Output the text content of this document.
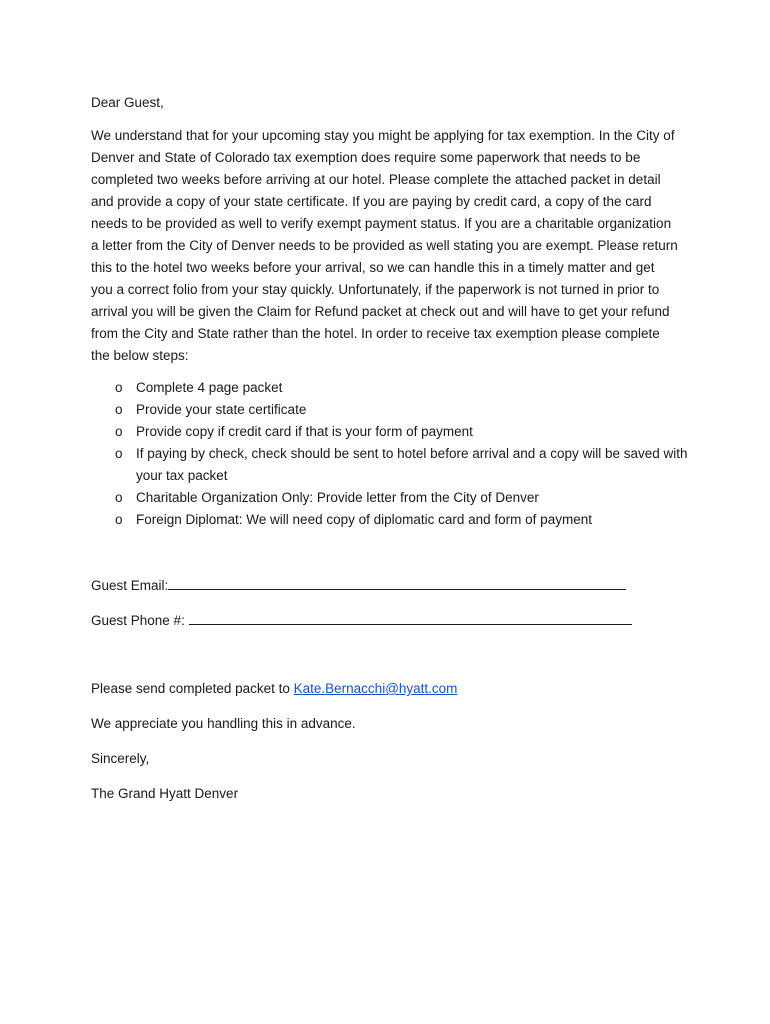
Dear Guest,

We understand that for your upcoming stay you might be applying for tax exemption. In the City of Denver and State of Colorado tax exemption does require some paperwork that needs to be completed two weeks before arriving at our hotel. Please complete the attached packet in detail and provide a copy of your state certificate. If you are paying by credit card, a copy of the card needs to be provided as well to verify exempt payment status. If you are a charitable organization a letter from the City of Denver needs to be provided as well stating you are exempt. Please return this to the hotel two weeks before your arrival, so we can handle this in a timely matter and get you a correct folio from your stay quickly. Unfortunately, if the paperwork is not turned in prior to arrival you will be given the Claim for Refund packet at check out and will have to get your refund from the City and State rather than the hotel. In order to receive tax exemption please complete the below steps:

o Complete 4 page packet
o Provide your state certificate
o Provide copy if credit card if that is your form of payment
o If paying by check, check should be sent to hotel before arrival and a copy will be saved with your tax packet
o Charitable Organization Only: Provide letter from the City of Denver
o Foreign Diplomat: We will need copy of diplomatic card and form of payment
Guest Email:
Guest Phone #:

Please send completed packet to Kate.Bernacchi@hyatt.com

We appreciate you handling this in advance.

Sincerely,

The Grand Hyatt Denver
